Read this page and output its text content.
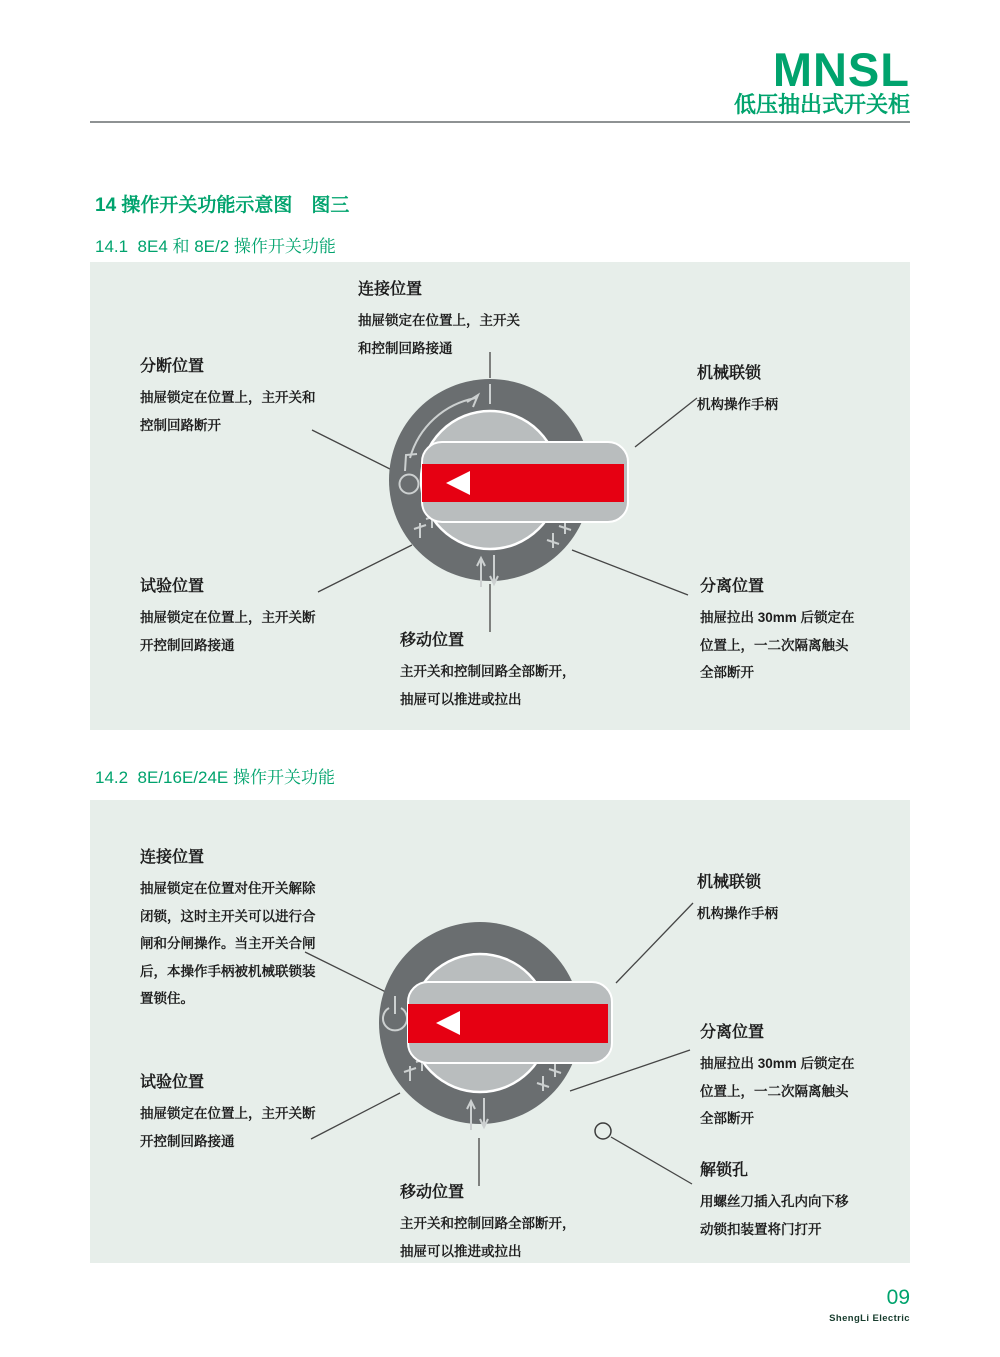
MNSL
低压抽出式开关柜
14 操作开关功能示意图　图三
14.1  8E4 和 8E/2 操作开关功能
14.2  8E/16E/24E 操作开关功能
连接位置
抽屉锁定在位置上，主开关
和控制回路接通
分断位置
抽屉锁定在位置上，主开关和
控制回路断开
机械联锁
机构操作手柄
试验位置
抽屉锁定在位置上，主开关断
开控制回路接通	移动位置
主开关和控制回路全部断开，
抽屉可以推进或拉出
分离位置
抽屉拉出 30mm 后锁定在
位置上，一二次隔离触头
全部断开
连接位置
抽屉锁定在位置对住开关解除
闭锁，这时主开关可以进行合
闸和分闸操作。当主开关合闸
后，本操作手柄被机械联锁装
置锁住。
机械联锁
机构操作手柄
分离位置
抽屉拉出 30mm 后锁定在
位置上，一二次隔离触头
全部断开
解锁孔
用螺丝刀插入孔内向下移
动锁扣装置将门打开
试验位置
抽屉锁定在位置上，主开关断
开控制回路接通
移动位置
主开关和控制回路全部断开，
抽屉可以推进或拉出
09
ShengLi Electric
